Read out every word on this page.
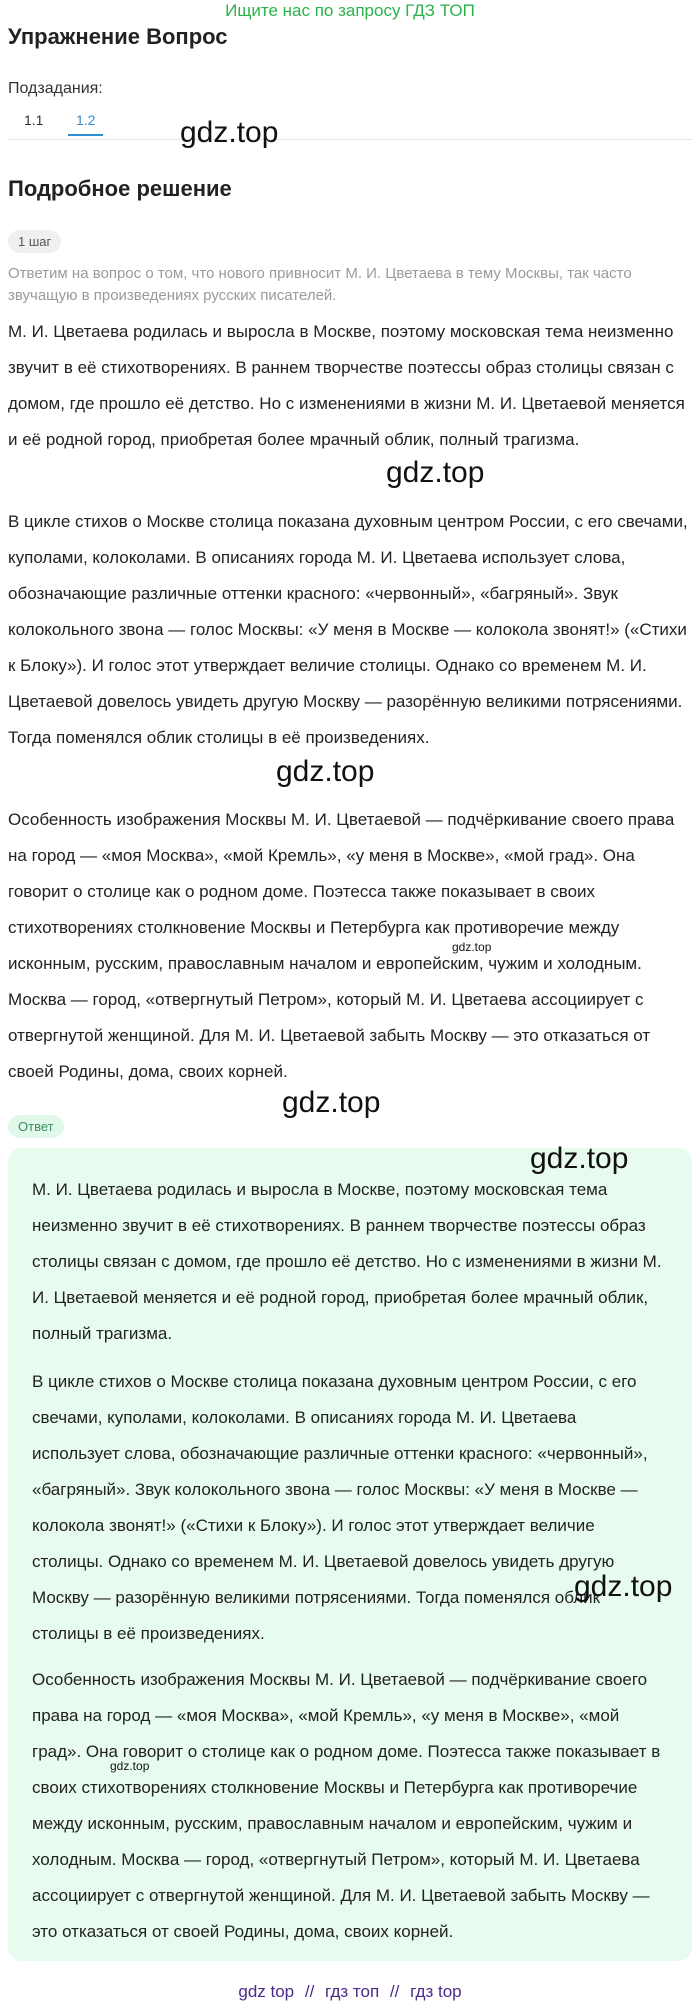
Ищите нас по запросу ГДЗ ТОП
Упражнение Вопрос
Подзадания:
1.1 1.2	gdz.top
Подробное решение
1 шаг
Ответим на вопрос о том, что нового привносит М. И. Цветаева в тему Москвы, так часто звучащую в произведениях русских писателей.
М. И. Цветаева родилась и выросла в Москве, поэтому московская тема неизменно звучит в её стихотворениях. В раннем творчестве поэтессы образ столицы связан с домом, где прошло её детство. Но с изменениями в жизни М. И. Цветаевой меняется и её родной город, приобретая более мрачный облик, полный трагизма.
gdz.top
В цикле стихов о Москве столица показана духовным центром России, с его свечами, куполами, колоколами. В описаниях города М. И. Цветаева использует слова, обозначающие различные оттенки красного: «червонный», «багряный». Звук колокольного звона — голос Москвы: «У меня в Москве — колокола звонят!» («Стихи к Блоку»). И голос этот утверждает величие столицы. Однако со временем М. И. Цветаевой довелось увидеть другую Москву — разорённую великими потрясениями. Тогда поменялся облик столицы в её произведениях.
gdz.top
Особенность изображения Москвы М. И. Цветаевой — подчёркивание своего права на город — «моя Москва», «мой Кремль», «у меня в Москве», «мой град». Она говорит о столице как о родном доме. Поэтесса также показывает в своих стихотворениях столкновение Москвы и Петербурга как противоречие между исконным, русским, православным началом и европейским, чужим и холодным. Москва — город, «отвергнутый Петром», который М. И. Цветаева ассоциирует с отвергнутой женщиной. Для М. И. Цветаевой забыть Москву — это отказаться от своей Родины, дома, своих корней.
gdz.top
gdz.top
Ответ
gdz.top
М. И. Цветаева родилась и выросла в Москве, поэтому московская тема неизменно звучит в её стихотворениях. В раннем творчестве поэтессы образ столицы связан с домом, где прошло её детство. Но с изменениями в жизни М. И. Цветаевой меняется и её родной город, приобретая более мрачный облик, полный трагизма.
В цикле стихов о Москве столица показана духовным центром России, с его свечами, куполами, колоколами. В описаниях города М. И. Цветаева использует слова, обозначающие различные оттенки красного: «червонный», «багряный». Звук колокольного звона — голос Москвы: «У меня в Москве — колокола звонят!» («Стихи к Блоку»). И голос этот утверждает величие столицы. Однако со временем М. И. Цветаевой довелось увидеть другую Москву — разорённую великими потрясениями. Тогда поменялся облик столицы в её произведениях.
gdz.top
Особенность изображения Москвы М. И. Цветаевой — подчёркивание своего права на город — «моя Москва», «мой Кремль», «у меня в Москве», «мой град». Она говорит о столице как о родном доме. Поэтесса также показывает в своих стихотворениях столкновение Москвы и Петербурга как противоречие между исконным, русским, православным началом и европейским, чужим и холодным. Москва — город, «отвергнутый Петром», который М. И. Цветаева ассоциирует с отвергнутой женщиной. Для М. И. Цветаевой забыть Москву — это отказаться от своей Родины, дома, своих корней.
gdz.top
gdz top // гдз топ // гдз top
